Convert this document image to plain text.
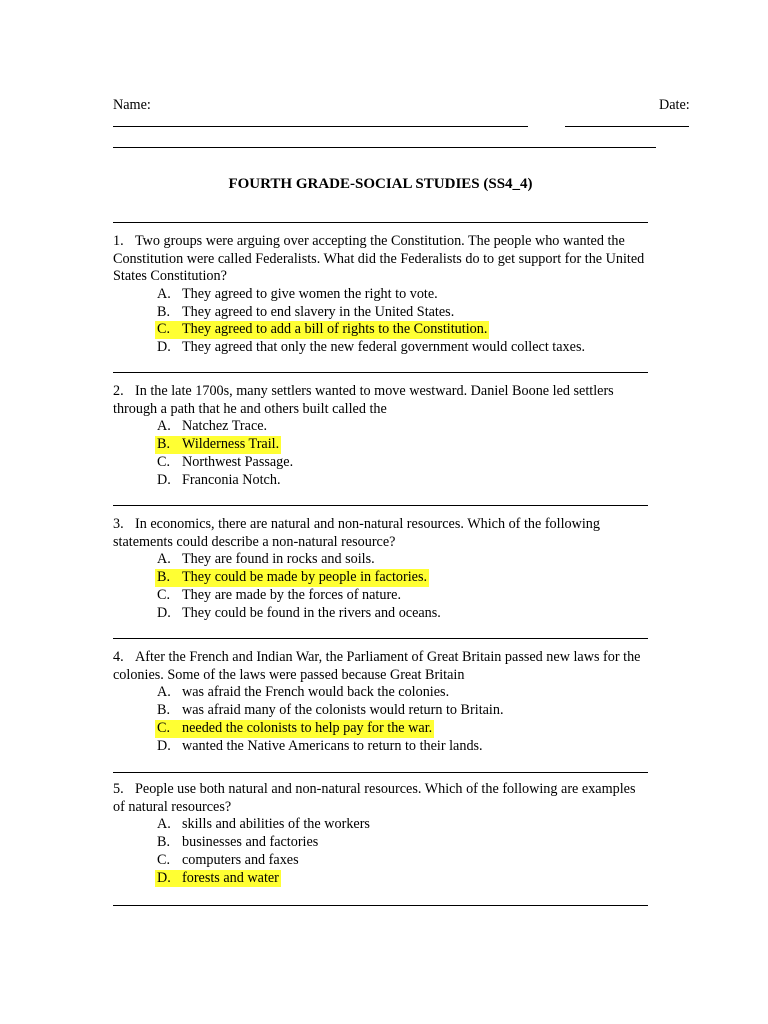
Name:	Date:
FOURTH GRADE-SOCIAL STUDIES (SS4_4)

1. Two groups were arguing over accepting the Constitution. The people who wanted the Constitution were called Federalists. What did the Federalists do to get support for the United States Constitution?

A. They agreed to give women the right to vote.
B. They agreed to end slavery in the United States.
C. They agreed to add a bill of rights to the Constitution.
D. They agreed that only the new federal government would collect taxes.

2. In the late 1700s, many settlers wanted to move westward. Daniel Boone led settlers through a path that he and others built called the

A. Natchez Trace.
B. Wilderness Trail.
C. Northwest Passage.
D. Franconia Notch.

3. In economics, there are natural and non-natural resources. Which of the following statements could describe a non-natural resource?

A. They are found in rocks and soils.
B. They could be made by people in factories.
C. They are made by the forces of nature.
D. They could be found in the rivers and oceans.

4. After the French and Indian War, the Parliament of Great Britain passed new laws for the colonies. Some of the laws were passed because Great Britain

A. was afraid the French would back the colonies.
B. was afraid many of the colonists would return to Britain.
C. needed the colonists to help pay for the war.
D. wanted the Native Americans to return to their lands.

5. People use both natural and non-natural resources. Which of the following are examples of natural resources?

A. skills and abilities of the workers
B. businesses and factories
C. computers and faxes
D. forests and water
